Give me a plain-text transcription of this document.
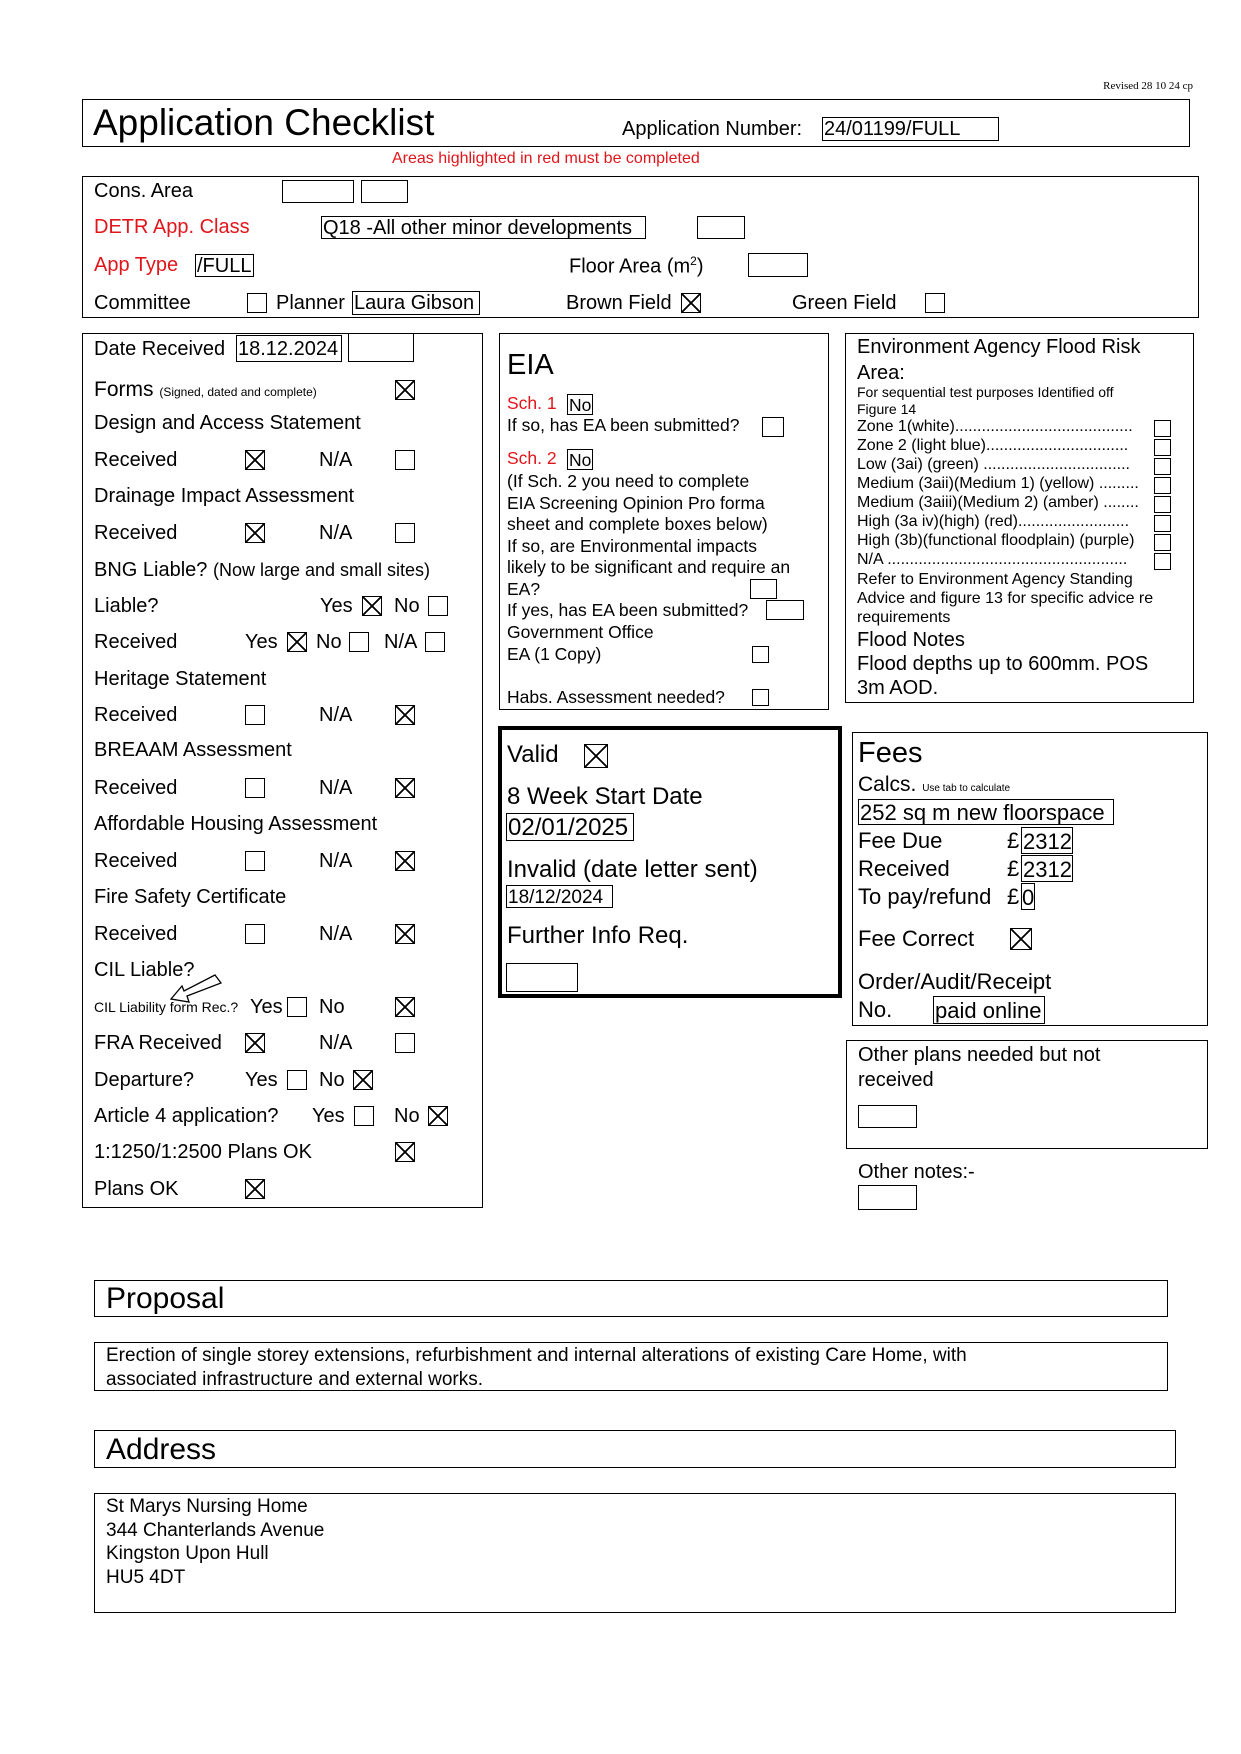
Revised 28 10 24 cp
Application Checklist	Application Number: 24/01199/FULL
Areas highlighted in red must be completed
Cons. Area
DETR App. Class	Q18 -All other minor developments
App Type /FULL	Floor Area $(m^2)$
Committee	Planner Laura Gibson	Brown Field	Green Field
Date Received 18.12.2024
Forms (Signed, dated and complete)
Design and Access Statement
Received	N/A
Drainage Impact Assessment
Received	N/A
BNG Liable? (Now large and small sites)
Liable?	Yes No
Received	Yes No N/A
Heritage Statement
Received	N/A
BREAAM Assessment
Received	N/A
Affordable Housing Assessment
Received	N/A
Fire Safety Certificate
Received	N/A
CIL Liable?
CIL Liability form Rec.? Yes No
FRA Received	N/A
Departure?	Yes No
Article 4 application? Yes No
1:1250/1:2500 Plans OK
Plans OK
EIA
Sch. 1 No
If so, has EA been submitted?
Sch. 2 No
(If Sch. 2 you need to complete
EIA Screening Opinion Pro forma
sheet and complete boxes below)
If so, are Environmental impacts
likely to be significant and require an
EA?
If yes, has EA been submitted?
Government Office
EA (1 Copy)
Habs. Assessment needed?
Environment Agency Flood Risk
Area:
For sequential test purposes Identified off
Figure 14
Zone 1(white)........................................
Zone 2 (light blue)................................
Low (3ai) (green) .................................
Medium (3aii)(Medium 1) (yellow) .........
Medium (3aiii)(Medium 2) (amber) ........
High (3a iv)(high) (red).........................
High (3b)(functional floodplain) (purple)
N/A ......................................................
Refer to Environment Agency Standing
Advice and figure 13 for specific advice re
requirements
Flood Notes
Flood depths up to 600mm. POS
3m AOD.
Valid
8 Week Start Date
02/01/2025
Invalid (date letter sent)
18/12/2024
Further Info Req.
Fees
Calcs. Use tab to calculate
252 sq m new floorspace
Fee Due	£ 2312
Received	£ 2312
To pay/refund £ 0
Fee Correct
Order/Audit/Receipt
No. paid online
Other plans needed but not
received
Other notes:-
Proposal
Erection of single storey extensions, refurbishment and internal alterations of existing Care Home, with
associated infrastructure and external works.
Address
St Marys Nursing Home
344 Chanterlands Avenue
Kingston Upon Hull
HU5 4DT
